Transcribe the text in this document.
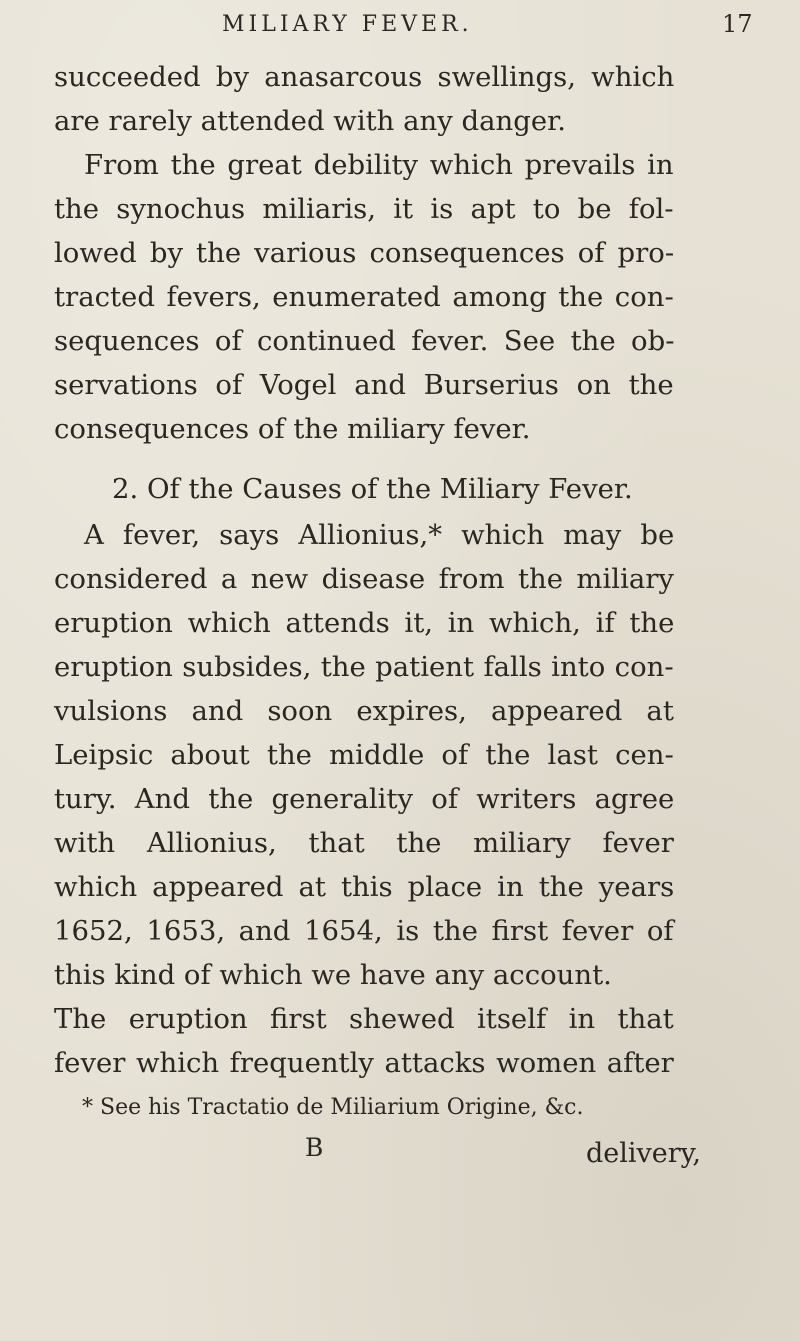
MILIARY FEVER.	17
succeeded by anasarcous swellings, which
are rarely attended with any danger.
From the great debility which prevails in
the synochus miliaris, it is apt to be fol-
lowed by the various consequences of pro-
tracted fevers, enumerated among the con-
sequences of continued fever. See the ob-
servations of Vogel and Burserius on the
consequences of the miliary fever.
2. Of the Causes of the Miliary Fever.
A fever, says Allionius,* which may be
considered a new disease from the miliary
eruption which attends it, in which, if the
eruption subsides, the patient falls into con-
vulsions and soon expires, appeared at
Leipsic about the middle of the last cen-
tury. And the generality of writers agree
with Allionius, that the miliary fever
which appeared at this place in the years
1652, 1653, and 1654, is the first fever of
this kind of which we have any account.
The eruption first shewed itself in that
fever which frequently attacks women after
* See his Tractatio de Miliarium Origine, &c.
B	delivery,
